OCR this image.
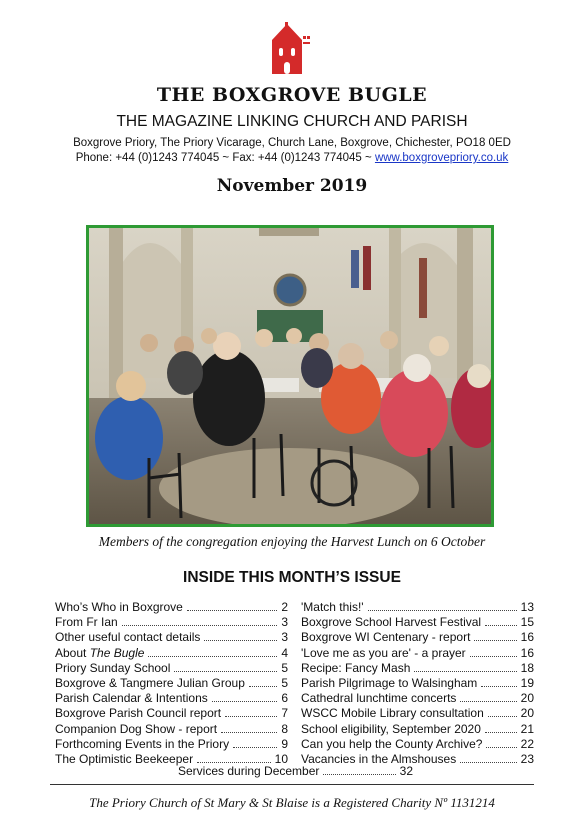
THE BOXGROVE BUGLE
THE MAGAZINE LINKING CHURCH AND PARISH
Boxgrove Priory, The Priory Vicarage, Church Lane, Boxgrove, Chichester, PO18 0ED
Phone: +44 (0)1243 774045 ~ Fax: +44 (0)1243 774045 ~ www.boxgrovepriory.co.uk
November 2019
Members of the congregation enjoying the Harvest Lunch on 6 October
INSIDE THIS MONTH’S ISSUE
Who’s Who in Boxgrove	2
From Fr Ian	3
Other useful contact details	3
About The Bugle	4
Priory Sunday School	5
Boxgrove & Tangmere Julian Group	5
Parish Calendar & Intentions	6
Boxgrove Parish Council report	7
Companion Dog Show - report	8
Forthcoming Events in the Priory	9
The Optimistic Beekeeper	10
'Match this!'	13
Boxgrove School Harvest Festival	15
Boxgrove WI Centenary - report	16
'Love me as you are' - a prayer	16
Recipe: Fancy Mash	18
Parish Pilgrimage to Walsingham	19
Cathedral lunchtime concerts	20
WSCC Mobile Library consultation	20
School eligibility, September 2020	21
Can you help the County Archive?	22
Vacancies in the Almshouses	23
Services during December	32
The Priory Church of St Mary & St Blaise is a Registered Charity Nº 1131214
